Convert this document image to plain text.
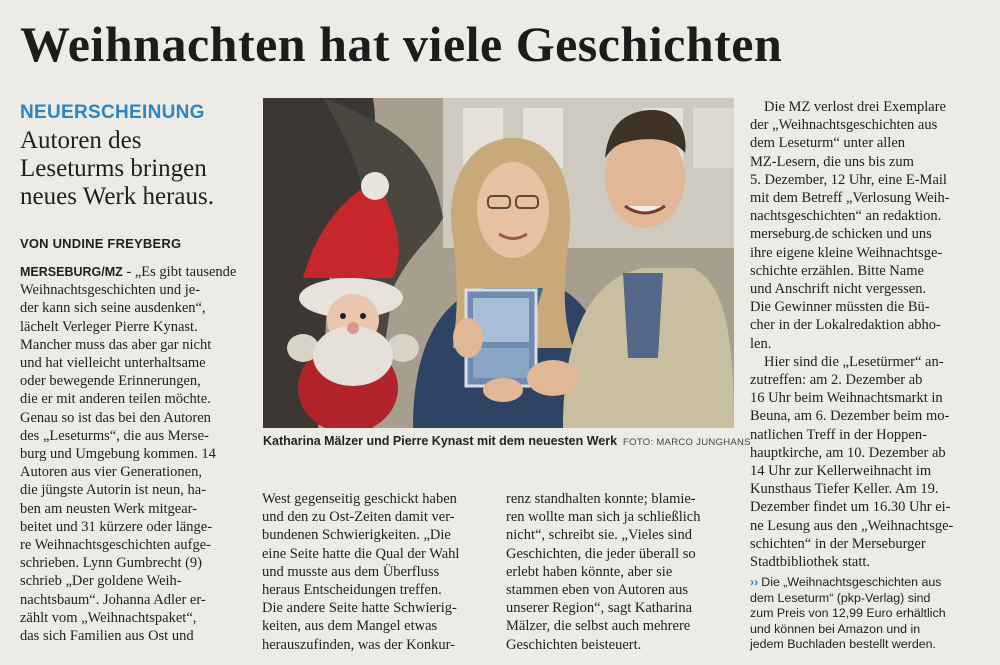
Weihnachten hat viele Geschichten
NEUERSCHEINUNG
Autoren des
Leseturms bringen
neues Werk heraus.
VON UNDINE FREYBERG
MERSEBURG/MZ - „Es gibt tausende
Weihnachtsgeschichten und je-
der kann sich seine ausdenken“,
lächelt Verleger Pierre Kynast.
Mancher muss das aber gar nicht
und hat vielleicht unterhaltsame
oder bewegende Erinnerungen,
die er mit anderen teilen möchte.
Genau so ist das bei den Autoren
des „Leseturms“, die aus Merse-
burg und Umgebung kommen. 14
Autoren aus vier Generationen,
die jüngste Autorin ist neun, ha-
ben am neusten Werk mitgear-
beitet und 31 kürzere oder länge-
re Weihnachtsgeschichten aufge-
schrieben. Lynn Gumbrecht (9)
schrieb „Der goldene Weih-
nachtsbaum“. Johanna Adler er-
zählt vom „Weihnachtspaket“,
das sich Familien aus Ost und
Katharina Mälzer und Pierre Kynast mit dem neuesten Werk FOTO: MARCO JUNGHANS
West gegenseitig geschickt haben
und den zu Ost-Zeiten damit ver-
bundenen Schwierigkeiten. „Die
eine Seite hatte die Qual der Wahl
und musste aus dem Überfluss
heraus Entscheidungen treffen.
Die andere Seite hatte Schwierig-
keiten, aus dem Mangel etwas
herauszufinden, was der Konkur-
renz standhalten konnte; blamie-
ren wollte man sich ja schließlich
nicht“, schreibt sie. „Vieles sind
Geschichten, die jeder überall so
erlebt haben könnte, aber sie
stammen eben von Autoren aus
unserer Region“, sagt Katharina
Mälzer, die selbst auch mehrere
Geschichten beisteuert.
Die MZ verlost drei Exemplare
der „Weihnachtsgeschichten aus
dem Leseturm“ unter allen
MZ-Lesern, die uns bis zum
5. Dezember, 12 Uhr, eine E-Mail
mit dem Betreff „Verlosung Weih-
nachtsgeschichten“ an redaktion.
merseburg.de schicken und uns
ihre eigene kleine Weihnachtsge-
schichte erzählen. Bitte Name
und Anschrift nicht vergessen.
Die Gewinner müssten die Bü-
cher in der Lokalredaktion abho-
len.
Hier sind die „Lesetürmer“ an-
zutreffen: am 2. Dezember ab
16 Uhr beim Weihnachtsmarkt in
Beuna, am 6. Dezember beim mo-
natlichen Treff in der Hoppen-
hauptkirche, am 10. Dezember ab
14 Uhr zur Kellerweihnacht im
Kunsthaus Tiefer Keller. Am 19.
Dezember findet um 16.30 Uhr ei-
ne Lesung aus den „Weihnachtsge-
schichten“ in der Merseburger
Stadtbibliothek statt.
›› Die „Weihnachtsgeschichten aus
dem Leseturm“ (pkp-Verlag) sind
zum Preis von 12,99 Euro erhältlich
und können bei Amazon und in
jedem Buchladen bestellt werden.
